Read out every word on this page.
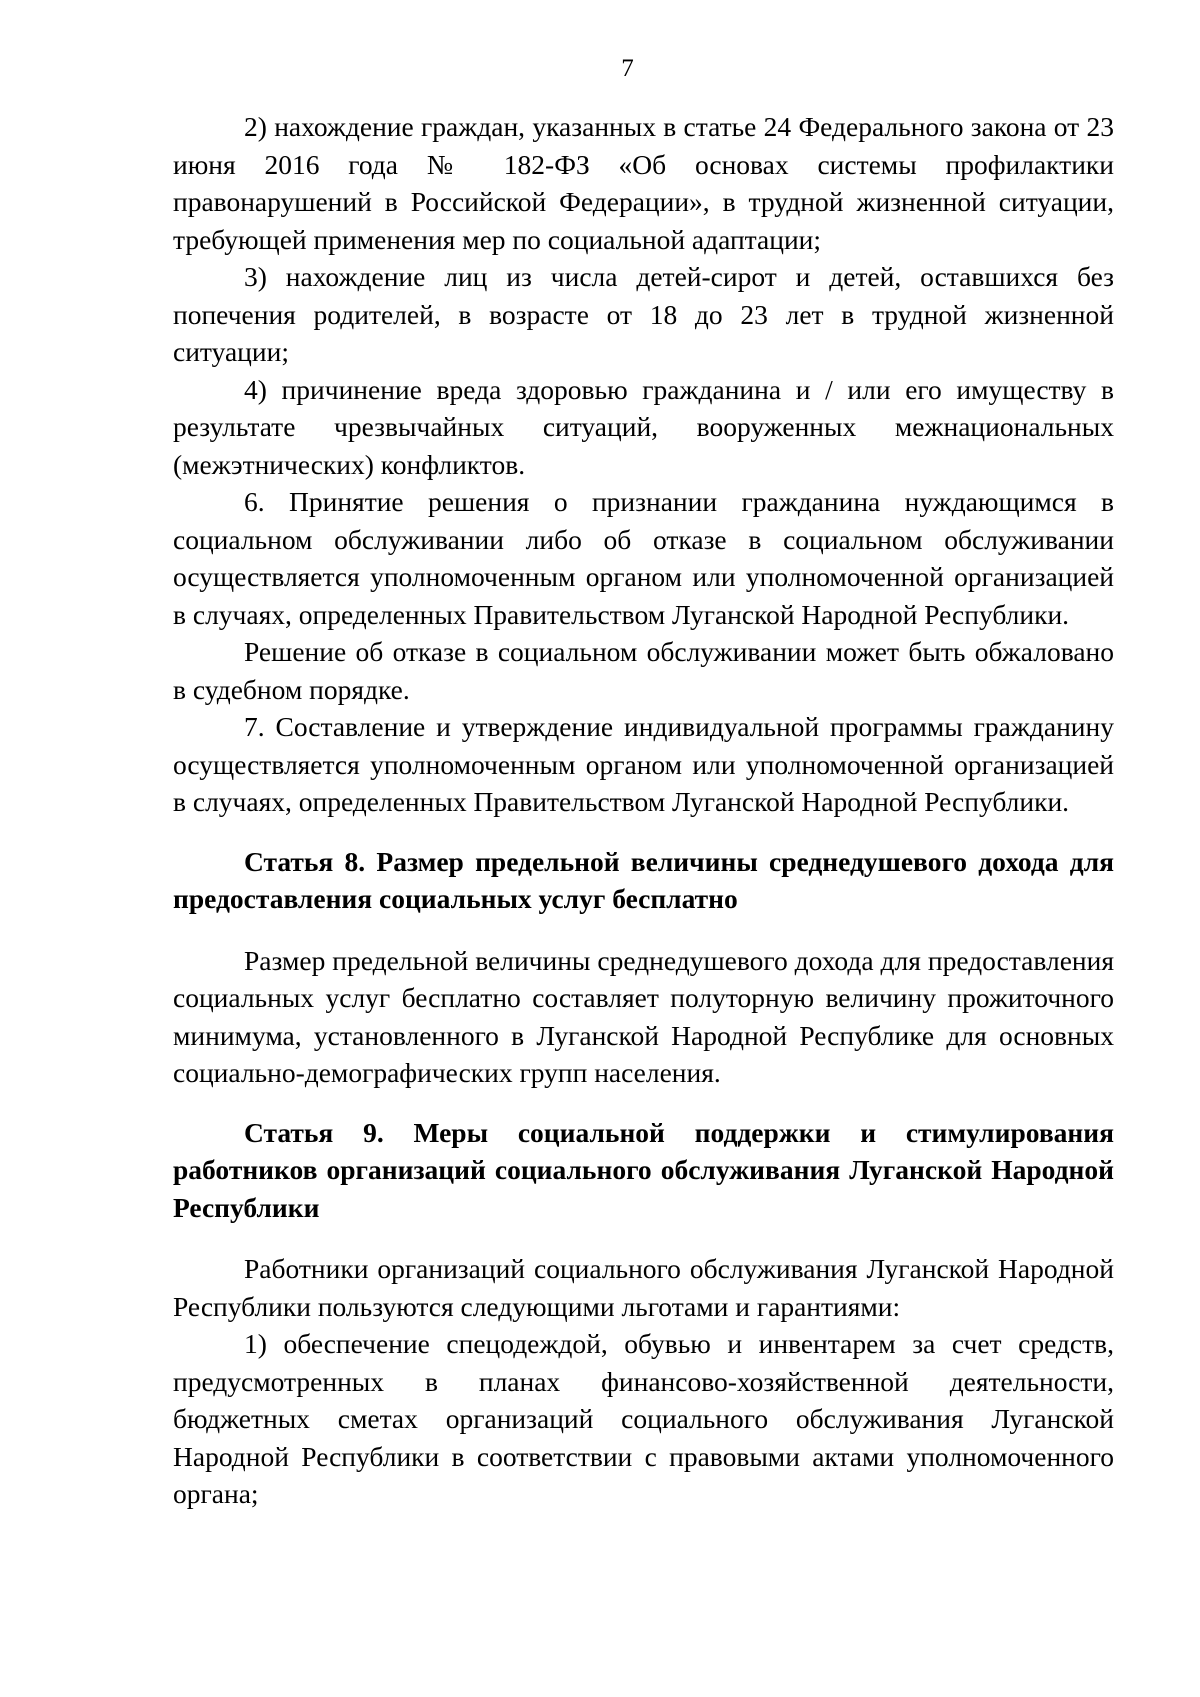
7

2) нахождение граждан, указанных в статье 24 Федерального закона от 23 июня 2016 года № 182-ФЗ «Об основах системы профилактики правонарушений в Российской Федерации», в трудной жизненной ситуации, требующей применения мер по социальной адаптации;

3) нахождение лиц из числа детей-сирот и детей, оставшихся без попечения родителей, в возрасте от 18 до 23 лет в трудной жизненной ситуации;

4) причинение вреда здоровью гражданина и / или его имуществу в результате чрезвычайных ситуаций, вооруженных межнациональных (межэтнических) конфликтов.

6. Принятие решения о признании гражданина нуждающимся в социальном обслуживании либо об отказе в социальном обслуживании осуществляется уполномоченным органом или уполномоченной организацией в случаях, определенных Правительством Луганской Народной Республики.

Решение об отказе в социальном обслуживании может быть обжаловано в судебном порядке.

7. Составление и утверждение индивидуальной программы гражданину осуществляется уполномоченным органом или уполномоченной организацией в случаях, определенных Правительством Луганской Народной Республики.

Статья 8. Размер предельной величины среднедушевого дохода для предоставления социальных услуг бесплатно

Размер предельной величины среднедушевого дохода для предоставления социальных услуг бесплатно составляет полуторную величину прожиточного минимума, установленного в Луганской Народной Республике для основных социально-демографических групп населения.

Статья 9. Меры социальной поддержки и стимулирования работников организаций социального обслуживания Луганской Народной Республики

Работники организаций социального обслуживания Луганской Народной Республики пользуются следующими льготами и гарантиями:

1) обеспечение спецодеждой, обувью и инвентарем за счет средств, предусмотренных в планах финансово-хозяйственной деятельности, бюджетных сметах организаций социального обслуживания Луганской Народной Республики в соответствии с правовыми актами уполномоченного органа;
